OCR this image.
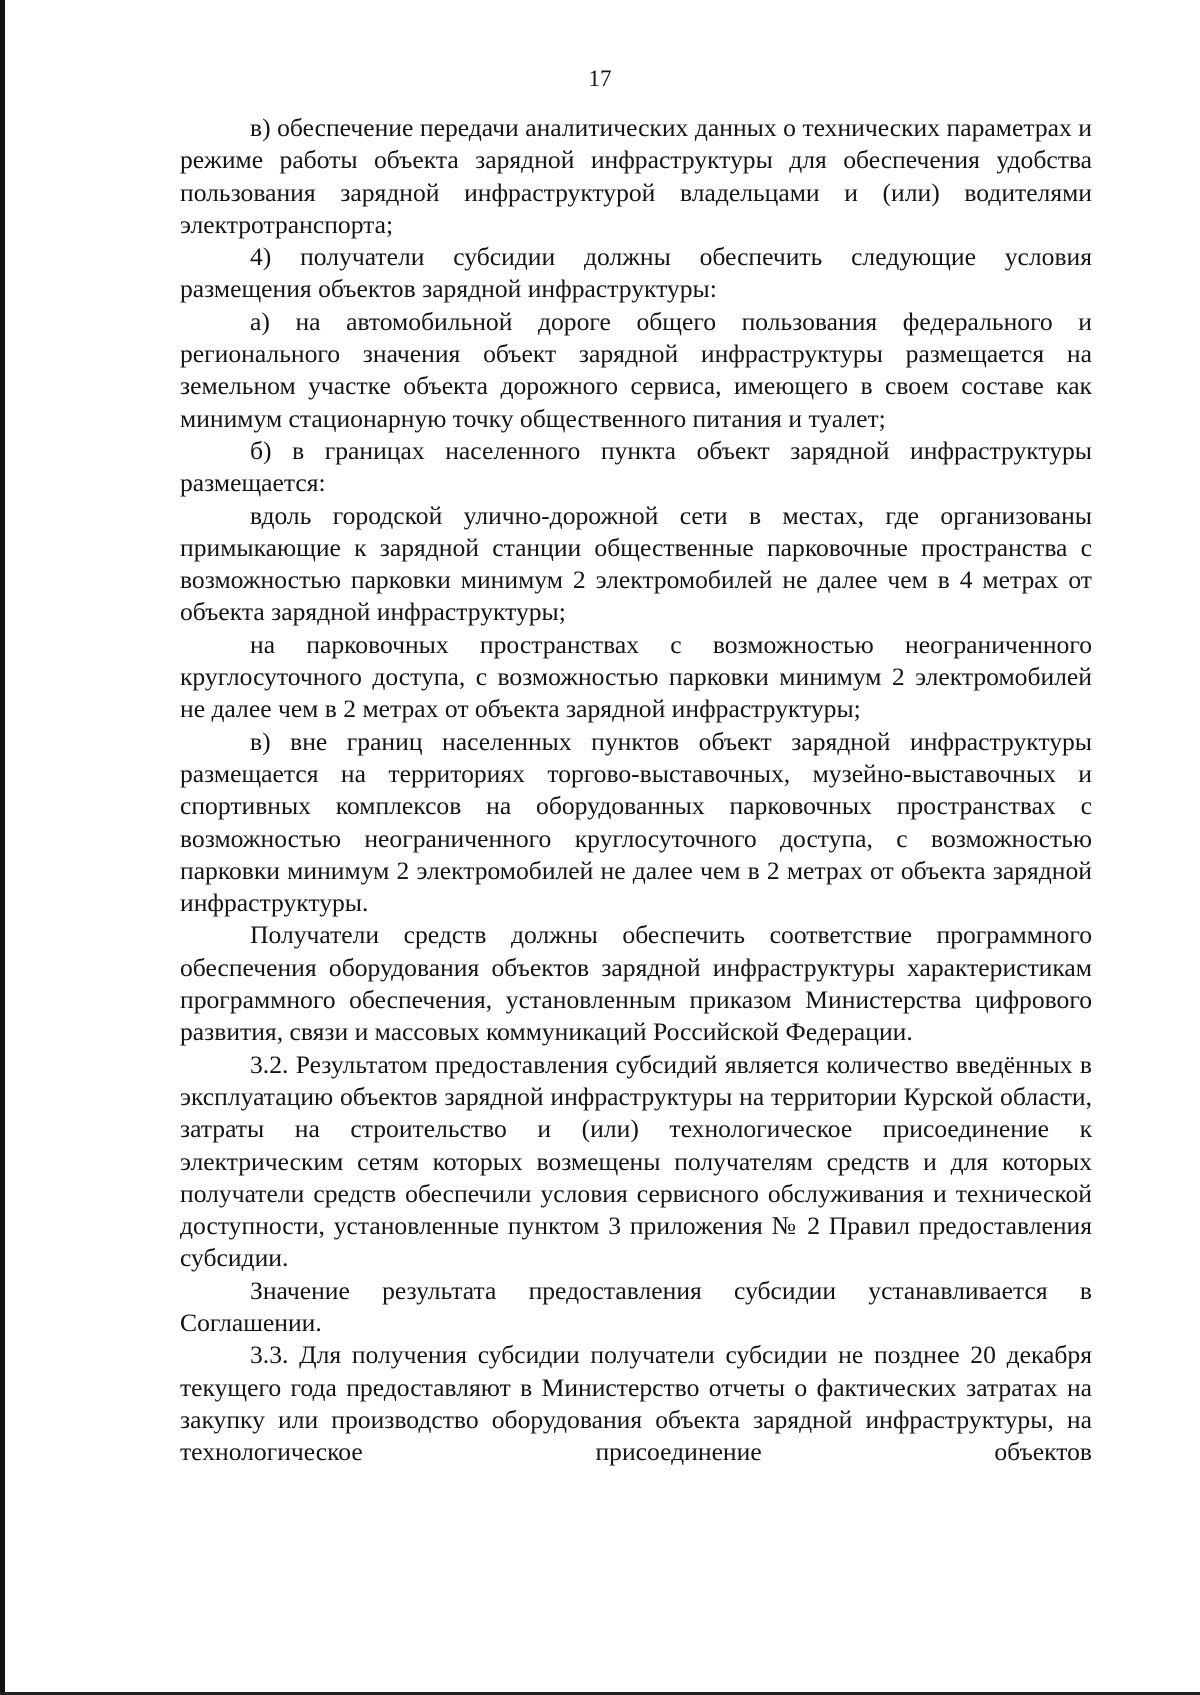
17

в) обеспечение передачи аналитических данных о технических параметрах и режиме работы объекта зарядной инфраструктуры для обеспечения удобства пользования зарядной инфраструктурой владельцами и (или) водителями электротранспорта;

4) получатели субсидии должны обеспечить следующие условия размещения объектов зарядной инфраструктуры:

а) на автомобильной дороге общего пользования федерального и регионального значения объект зарядной инфраструктуры размещается на земельном участке объекта дорожного сервиса, имеющего в своем составе как минимум стационарную точку общественного питания и туалет;

б) в границах населенного пункта объект зарядной инфраструктуры размещается:

вдоль городской улично-дорожной сети в местах, где организованы примыкающие к зарядной станции общественные парковочные пространства с возможностью парковки минимум 2 электромобилей не далее чем в 4 метрах от объекта зарядной инфраструктуры;

на парковочных пространствах с возможностью неограниченного круглосуточного доступа, с возможностью парковки минимум 2 электромобилей не далее чем в 2 метрах от объекта зарядной инфраструктуры;

в) вне границ населенных пунктов объект зарядной инфраструктуры размещается на территориях торгово-выставочных, музейно-выставочных и спортивных комплексов на оборудованных парковочных пространствах с возможностью неограниченного круглосуточного доступа, с возможностью парковки минимум 2 электромобилей не далее чем в 2 метрах от объекта зарядной инфраструктуры.

Получатели средств должны обеспечить соответствие программного обеспечения оборудования объектов зарядной инфраструктуры характеристикам программного обеспечения, установленным приказом Министерства цифрового развития, связи и массовых коммуникаций Российской Федерации.

3.2. Результатом предоставления субсидий является количество введённых в эксплуатацию объектов зарядной инфраструктуры на территории Курской области, затраты на строительство и (или) технологическое присоединение к электрическим сетям которых возмещены получателям средств и для которых получатели средств обеспечили условия сервисного обслуживания и технической доступности, установленные пунктом 3 приложения № 2 Правил предоставления субсидии.

Значение результата предоставления субсидии устанавливается в Соглашении.

3.3. Для получения субсидии получатели субсидии не позднее 20 декабря текущего года предоставляют в Министерство отчеты о фактических затратах на закупку или производство оборудования объекта зарядной инфраструктуры, на технологическое присоединение объектов
